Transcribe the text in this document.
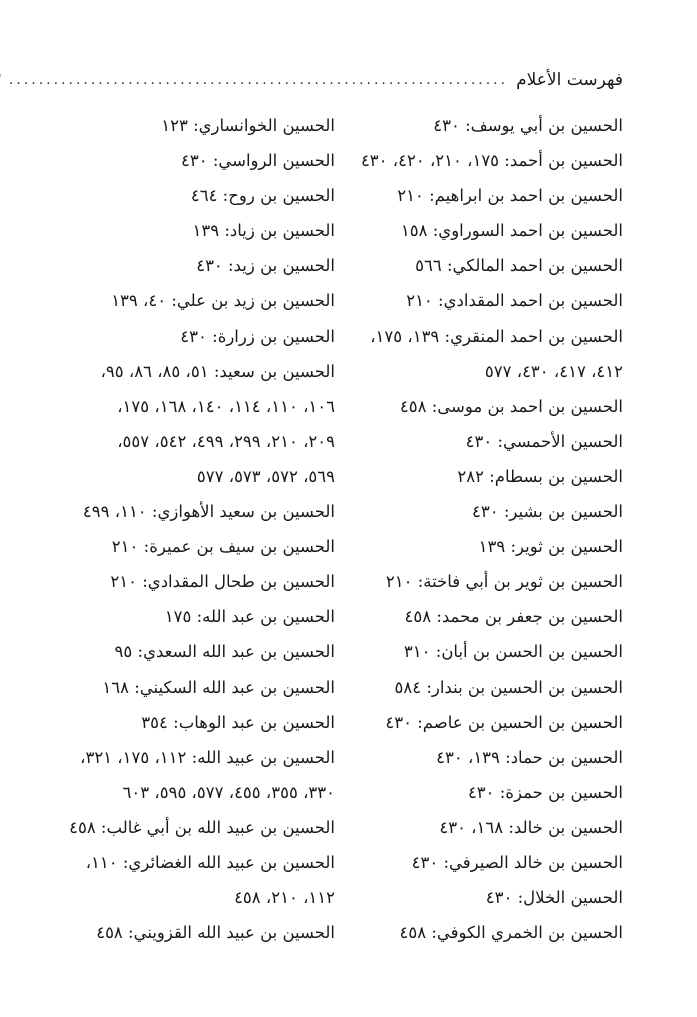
فهرست الأعلام
...................................................................
الحسين بن أبي يوسف: ٤٣٠
الحسين بن أحمد: ١٧٥، ٢١٠، ٤٢٠، ٤٣٠
الحسين بن احمد بن ابراهيم: ٢١٠
الحسين بن احمد السوراوي: ١٥٨
الحسين بن احمد المالكي: ٥٦٦
الحسين بن احمد المقدادي: ٢١٠
الحسين بن احمد المنقري: ١٣٩، ١٧٥،
٤١٢، ٤١٧، ٤٣٠، ٥٧٧
الحسين بن احمد بن موسى: ٤٥٨
الحسين الأحمسي: ٤٣٠
الحسين بن بسطام: ٢٨٢
الحسين بن بشير: ٤٣٠
الحسين بن ثوير: ١٣٩
الحسين بن ثوير بن أبي فاختة: ٢١٠
الحسين بن جعفر بن محمد: ٤٥٨
الحسين بن الحسن بن أبان: ٣١٠
الحسين بن الحسين بن بندار: ٥٨٤
الحسين بن الحسين بن عاصم: ٤٣٠
الحسين بن حماد: ١٣٩، ٤٣٠
الحسين بن حمزة: ٤٣٠
الحسين بن خالد: ١٦٨، ٤٣٠
الحسين بن خالد الصيرفي: ٤٣٠
الحسين الخلال: ٤٣٠
الحسين بن الخمري الكوفي: ٤٥٨
الحسين الخوانساري: ١٢٣
الحسين الرواسي: ٤٣٠
الحسين بن روح: ٤٦٤
الحسين بن زياد: ١٣٩
الحسين بن زيد: ٤٣٠
الحسين بن زيد بن علي: ٤٠، ١٣٩
الحسين بن زرارة: ٤٣٠
الحسين بن سعيد: ٥١، ٨٥، ٨٦، ٩٥،
١٠٦، ١١٠، ١١٤، ١٤٠، ١٦٨، ١٧٥،
٢٠٩، ٢١٠، ٢٩٩، ٤٩٩، ٥٤٢، ٥٥٧،
٥٦٩، ٥٧٢، ٥٧٣، ٥٧٧
الحسين بن سعيد الأهوازي: ١١٠، ٤٩٩
الحسين بن سيف بن عميرة: ٢١٠
الحسين بن طحال المقدادي: ٢١٠
الحسين بن عبد الله: ١٧٥
الحسين بن عبد الله السعدي: ٩٥
الحسين بن عبد الله السكيني: ١٦٨
الحسين بن عبد الوهاب: ٣٥٤
الحسين بن عبيد الله: ١١٢، ١٧٥، ٣٢١،
٣٣٠، ٣٥٥، ٤٥٥، ٥٧٧، ٥٩٥، ٦٠٣
الحسين بن عبيد الله بن أبي غالب: ٤٥٨
الحسين بن عبيد الله الغضائري: ١١٠،
١١٢، ٢١٠، ٤٥٨
الحسين بن عبيد الله القزويني: ٤٥٨
